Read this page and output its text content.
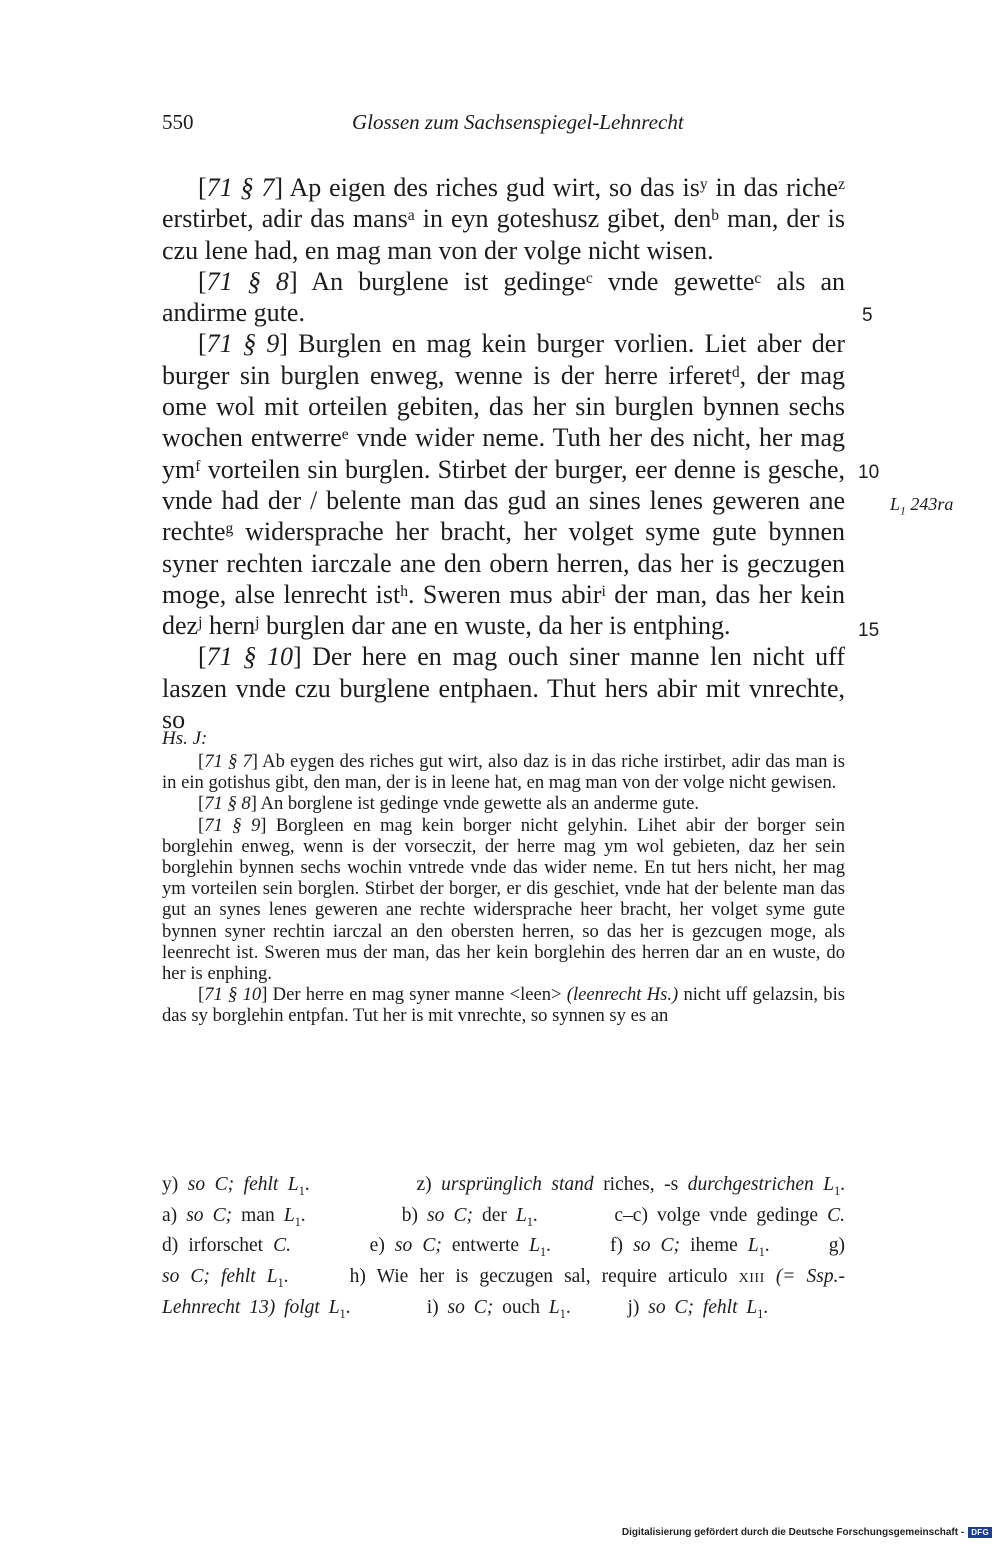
550	Glossen zum Sachsenspiegel-Lehnrecht

[71 § 7] Ap eigen des riches gud wirt, so das $is^y$ in das riche$^z$ erstirbet, adir das mans$^a$ in eyn goteshusz gibet, den$^b$ man, der is czu lene had, en mag man von der volge nicht wisen.

[71 § 8] An burglene ist gedinge$^c$ vnde gewette$^c$ als an andirme gute.

[71 § 9] Burglen en mag kein burger vorlien. Liet aber der burger sin burglen enweg, wenne is der herre irferet$^d$, der mag ome wol mit orteilen gebiten, das her sin burglen bynnen sechs wochen entwerre$^e$ vnde wider neme. Tuth her des nicht, her mag $ym^f$ vorteilen sin burglen. Stirbet der burger, eer denne is gesche, vnde had der / belente man das gud an sines lenes geweren ane rechte$^g$ widersprache her bracht, her volget syme gute bynnen syner rechten iarczale ane den obern herren, das her is geczugen moge, alse lenrecht ist$^h$. Sweren mus abir$^i$ der man, das her kein dez$^j$ hern$^j$ burglen dar ane en wuste, da her is entphing.

[71 § 10] Der here en mag ouch siner manne len nicht uff laszen vnde czu burglene entphaen. Thut hers abir mit vnrechte, so

5
10
15
$L_1$ 243ra
Hs. J:

[71 § 7] Ab eygen des riches gut wirt, also daz is in das riche irstirbet, adir das man is in ein gotishus gibt, den man, der is in leene hat, en mag man von der volge nicht gewisen.

[71 § 8] An borglene ist gedinge vnde gewette als an anderme gute.

[71 § 9] Borgleen en mag kein borger nicht gelyhin. Lihet abir der borger sein borglehin enweg, wenn is der vorseczit, der herre mag ym wol gebieten, daz her sein borglehin bynnen sechs wochin vntrede vnde das wider neme. En tut hers nicht, her mag ym vorteilen sein borglen. Stirbet der borger, er dis geschiet, vnde hat der belente man das gut an synes lenes geweren ane rechte widersprache heer bracht, her volget syme gute bynnen syner rechtin iarczal an den obersten herren, so das her is gezcugen moge, als leenrecht ist. Sweren mus der man, das her kein borglehin des herren dar an en wuste, do her is enphing.

[71 § 10] Der herre en mag syner manne <leen> (leenrecht Hs.) nicht uff gelazsin, bis das sy borglehin entpfan. Tut her is mit vnrechte, so synnen sy es an

y) so C; fehlt $L_1$.      	z) ursprünglich stand riches, -s durchgestrichen $L_1$. a) so C; man $L_1$.     	b) so C; der $L_1$.    	c–c) volge vnde gedinge C. d) irforschet C.    	e) so C; entwerte $L_1$.   	f) so C; iheme $L_1$.   	g) so C; fehlt $L_1$.   	h) Wie her is geczugen sal, require articulo XIII (= Ssp.-Lehnrecht 13) folgt $L_1$.    	i) so C; ouch $L_1$.   	j) so C; fehlt $L_1$.
Digitalisierung gefördert durch die Deutsche Forschungsgemeinschaft - DFG
